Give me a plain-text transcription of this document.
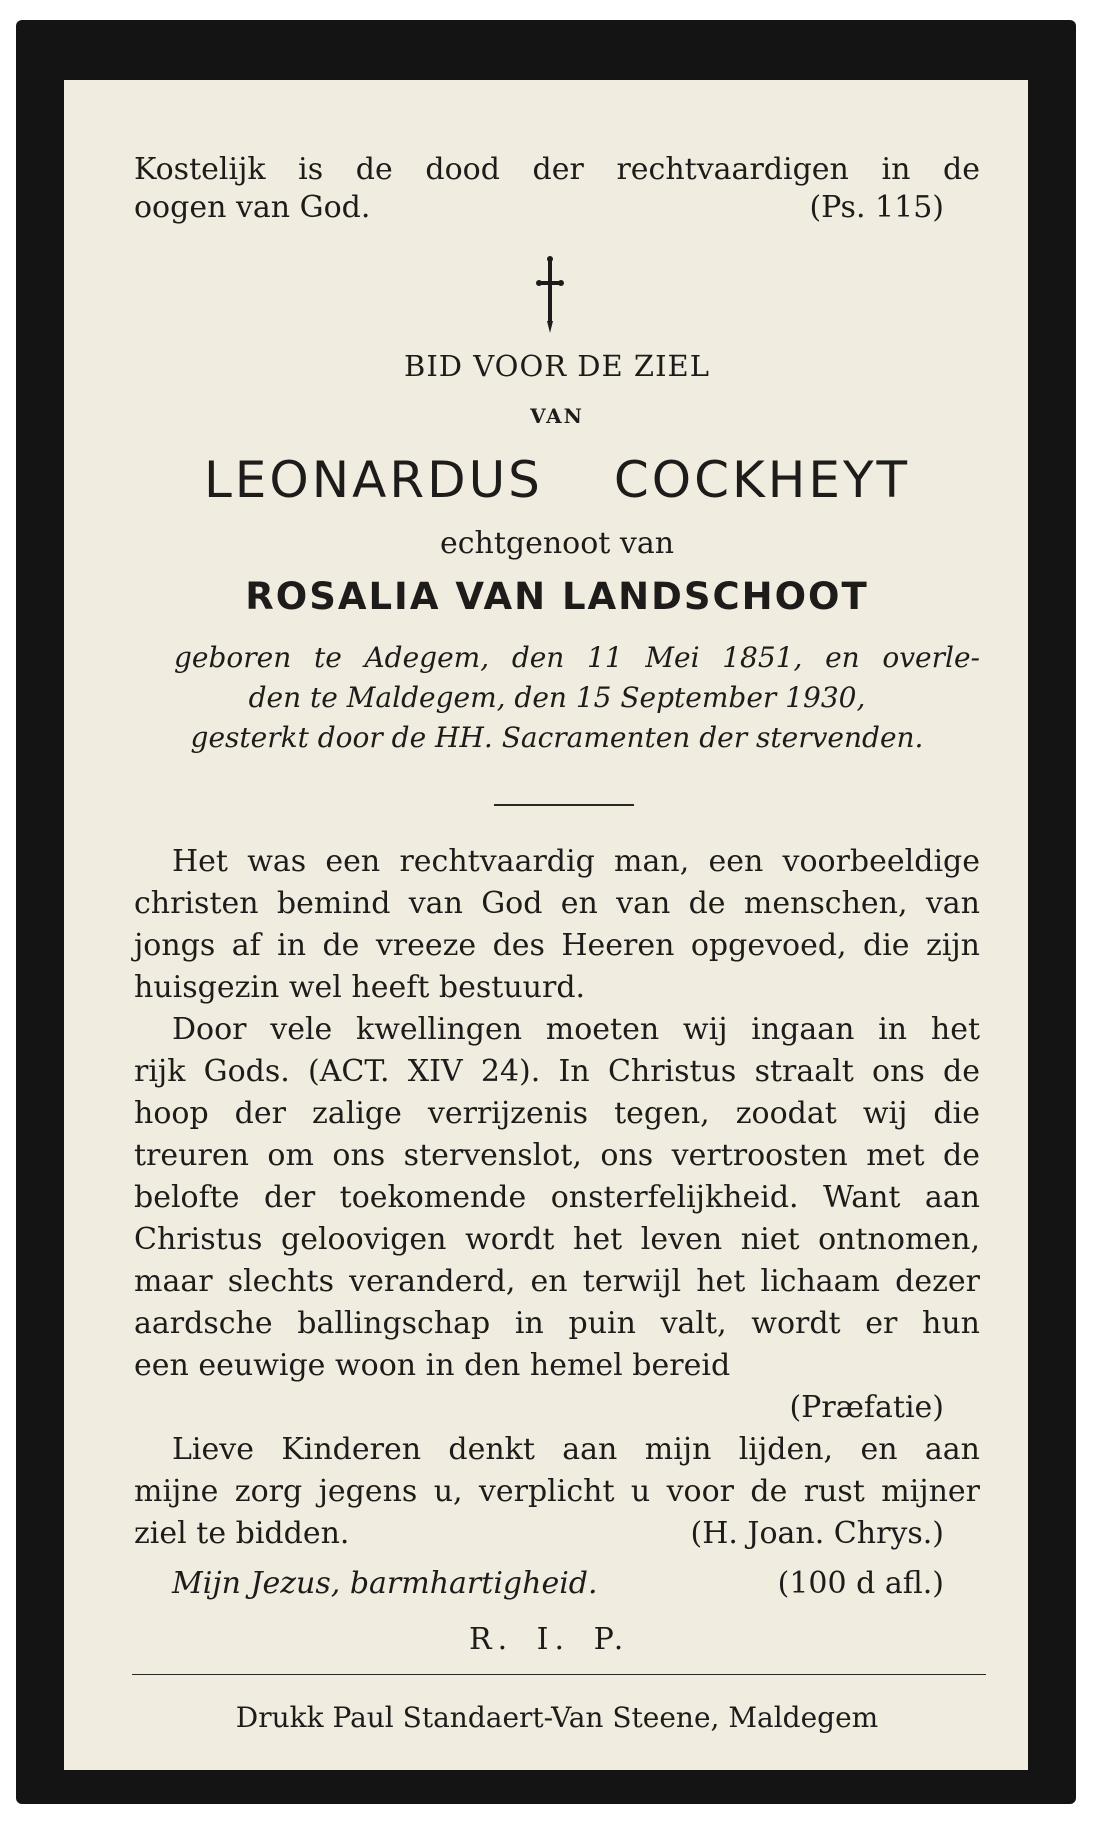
Kostelijk is de dood der rechtvaardigen in de
oogen van God.	(Ps. 115)
BID VOOR DE ZIEL
VAN
LEONARDUS COCKHEYT
echtgenoot van
ROSALIA VAN LANDSCHOOT
geboren te Adegem, den 11 Mei 1851, en overle-
den te Maldegem, den 15 September 1930,
gesterkt door de HH. Sacramenten der stervenden.
Het was een rechtvaardig man, een voorbeeldige
christen bemind van God en van de menschen, van
jongs af in de vreeze des Heeren opgevoed, die zijn
huisgezin wel heeft bestuurd.
Door vele kwellingen moeten wij ingaan in het
rijk Gods. (ACT. XIV 24). In Christus straalt ons de
hoop der zalige verrijzenis tegen, zoodat wij die
treuren om ons stervenslot, ons vertroosten met de
belofte der toekomende onsterfelijkheid. Want aan
Christus geloovigen wordt het leven niet ontnomen,
maar slechts veranderd, en terwijl het lichaam dezer
aardsche ballingschap in puin valt, wordt er hun
een eeuwige woon in den hemel bereid
(Præfatie)
Lieve Kinderen denkt aan mijn lijden, en aan
mijne zorg jegens u, verplicht u voor de rust mijner
ziel te bidden.	(H. Joan. Chrys.)
Mijn Jezus, barmhartigheid.	(100 d afl.)
R. I. P.
Drukk Paul Standaert-Van Steene, Maldegem
